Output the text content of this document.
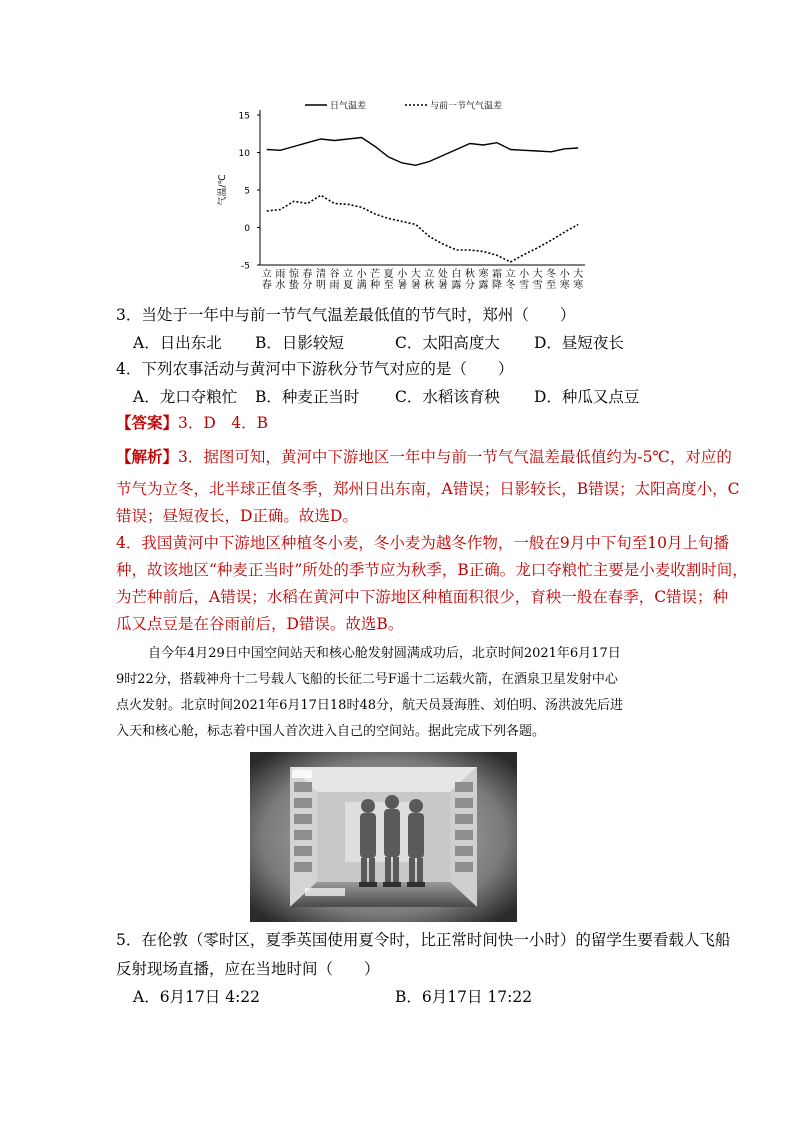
15
10
5
0
-5
气温/℃
立
春
雨
水
惊
蛰
春
分
清
明
谷
雨
立
夏
小
满
芒
种
夏
至
小
暑
大
暑
立
秋
处
暑
白
露
秋
分
寒
露
霜
降
立
冬
小
雪
大
雪
冬
至
小
寒
大
寒
日气温差	与前一节气气温差
3．当处于一年中与前一节气气温差最低值的节气时，郑州（　　）
A．日出东北 B．日影较短	C．太阳高度大 D．昼短夜长
4．下列农事活动与黄河中下游秋分节气对应的是（　　）
A．龙口夺粮忙 B．种麦正当时 C．水稻该育秧 D．种瓜又点豆
【答案】3．D　4．B
【解析】3．据图可知，黄河中下游地区一年中与前一节气气温差最低值约为-5℃，对应的
节气为立冬，北半球正值冬季，郑州日出东南，A错误；日影较长，B错误；太阳高度小，C
错误；昼短夜长，D正确。故选D。
4．我国黄河中下游地区种植冬小麦，冬小麦为越冬作物，一般在9月中下旬至10月上旬播
种，故该地区“种麦正当时”所处的季节应为秋季，B正确。龙口夺粮忙主要是小麦收割时间，
为芒种前后，A错误；水稻在黄河中下游地区种植面积很少，育秧一般在春季，C错误；种
瓜又点豆是在谷雨前后，D错误。故选B。
自今年4月29日中国空间站天和核心舱发射圆满成功后，北京时间2021年6月17日
9时22分，搭载神舟十二号载人飞船的长征二号F遥十二运载火箭，在酒泉卫星发射中心
点火发射。北京时间2021年6月17日18时48分，航天员聂海胜、刘伯明、汤洪波先后进
入天和核心舱，标志着中国人首次进入自己的空间站。据此完成下列各题。
5．在伦敦（零时区，夏季英国使用夏令时，比正常时间快一小时）的留学生要看载人飞船
反射现场直播，应在当地时间（　　）
A．6月17日 4:22	B．6月17日 17:22
